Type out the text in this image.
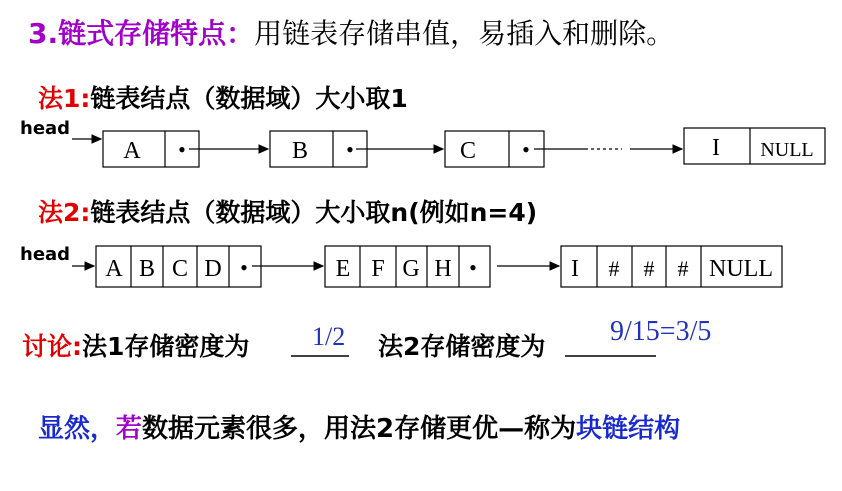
3.链式存储特点：用链表存储串值，易插入和删除。
法1:链表结点（数据域）大小取1
head
法2:链表结点（数据域）大小取n(例如n=4)
head
A •	B •	C •	I NULL
A B C D •	E F G H •	I # # # NULL
讨论:法1存储密度为 1/2 法2存储密度为 9/15=3/5
显然，若数据元素很多，用法2存储更优—称为块链结构
